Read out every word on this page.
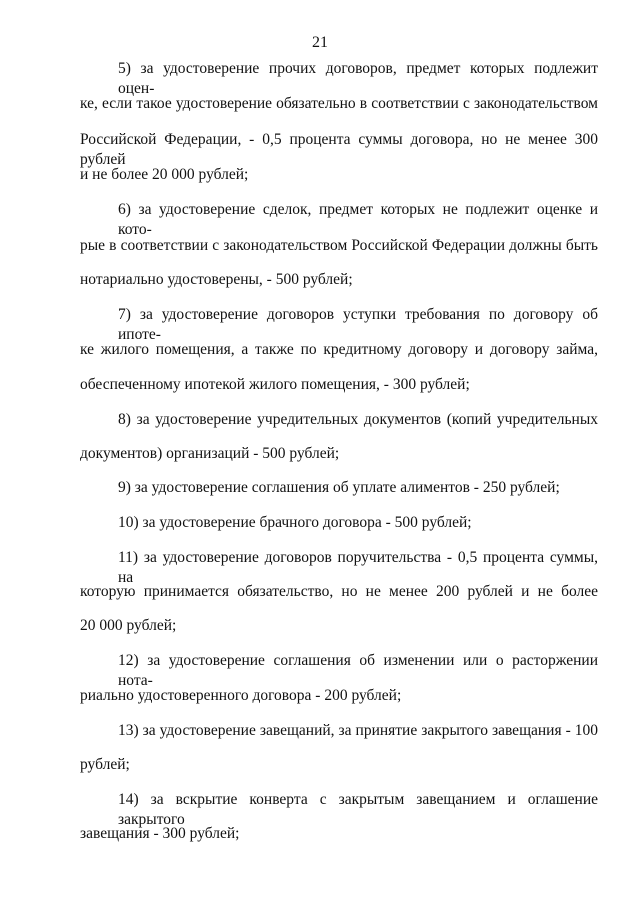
21
5) за удостоверение прочих договоров, предмет которых подлежит оцен-
ке, если такое удостоверение обязательно в соответствии с законодательством
Российской Федерации, - 0,5 процента суммы договора, но не менее 300 рублей
и не более 20 000 рублей;
6) за удостоверение сделок, предмет которых не подлежит оценке и кото-
рые в соответствии с законодательством Российской Федерации должны быть
нотариально удостоверены, - 500 рублей;
7) за удостоверение договоров уступки требования по договору об ипоте-
ке жилого помещения, а также по кредитному договору и договору займа,
обеспеченному ипотекой жилого помещения, - 300 рублей;
8) за удостоверение учредительных документов (копий учредительных
документов) организаций - 500 рублей;
9) за удостоверение соглашения об уплате алиментов - 250 рублей;
10) за удостоверение брачного договора - 500 рублей;
11) за удостоверение договоров поручительства - 0,5 процента суммы, на
которую принимается обязательство, но не менее 200 рублей и не более
20 000 рублей;
12) за удостоверение соглашения об изменении или о расторжении нота-
риально удостоверенного договора - 200 рублей;
13) за удостоверение завещаний, за принятие закрытого завещания - 100
рублей;
14) за вскрытие конверта с закрытым завещанием и оглашение закрытого
завещания - 300 рублей;
